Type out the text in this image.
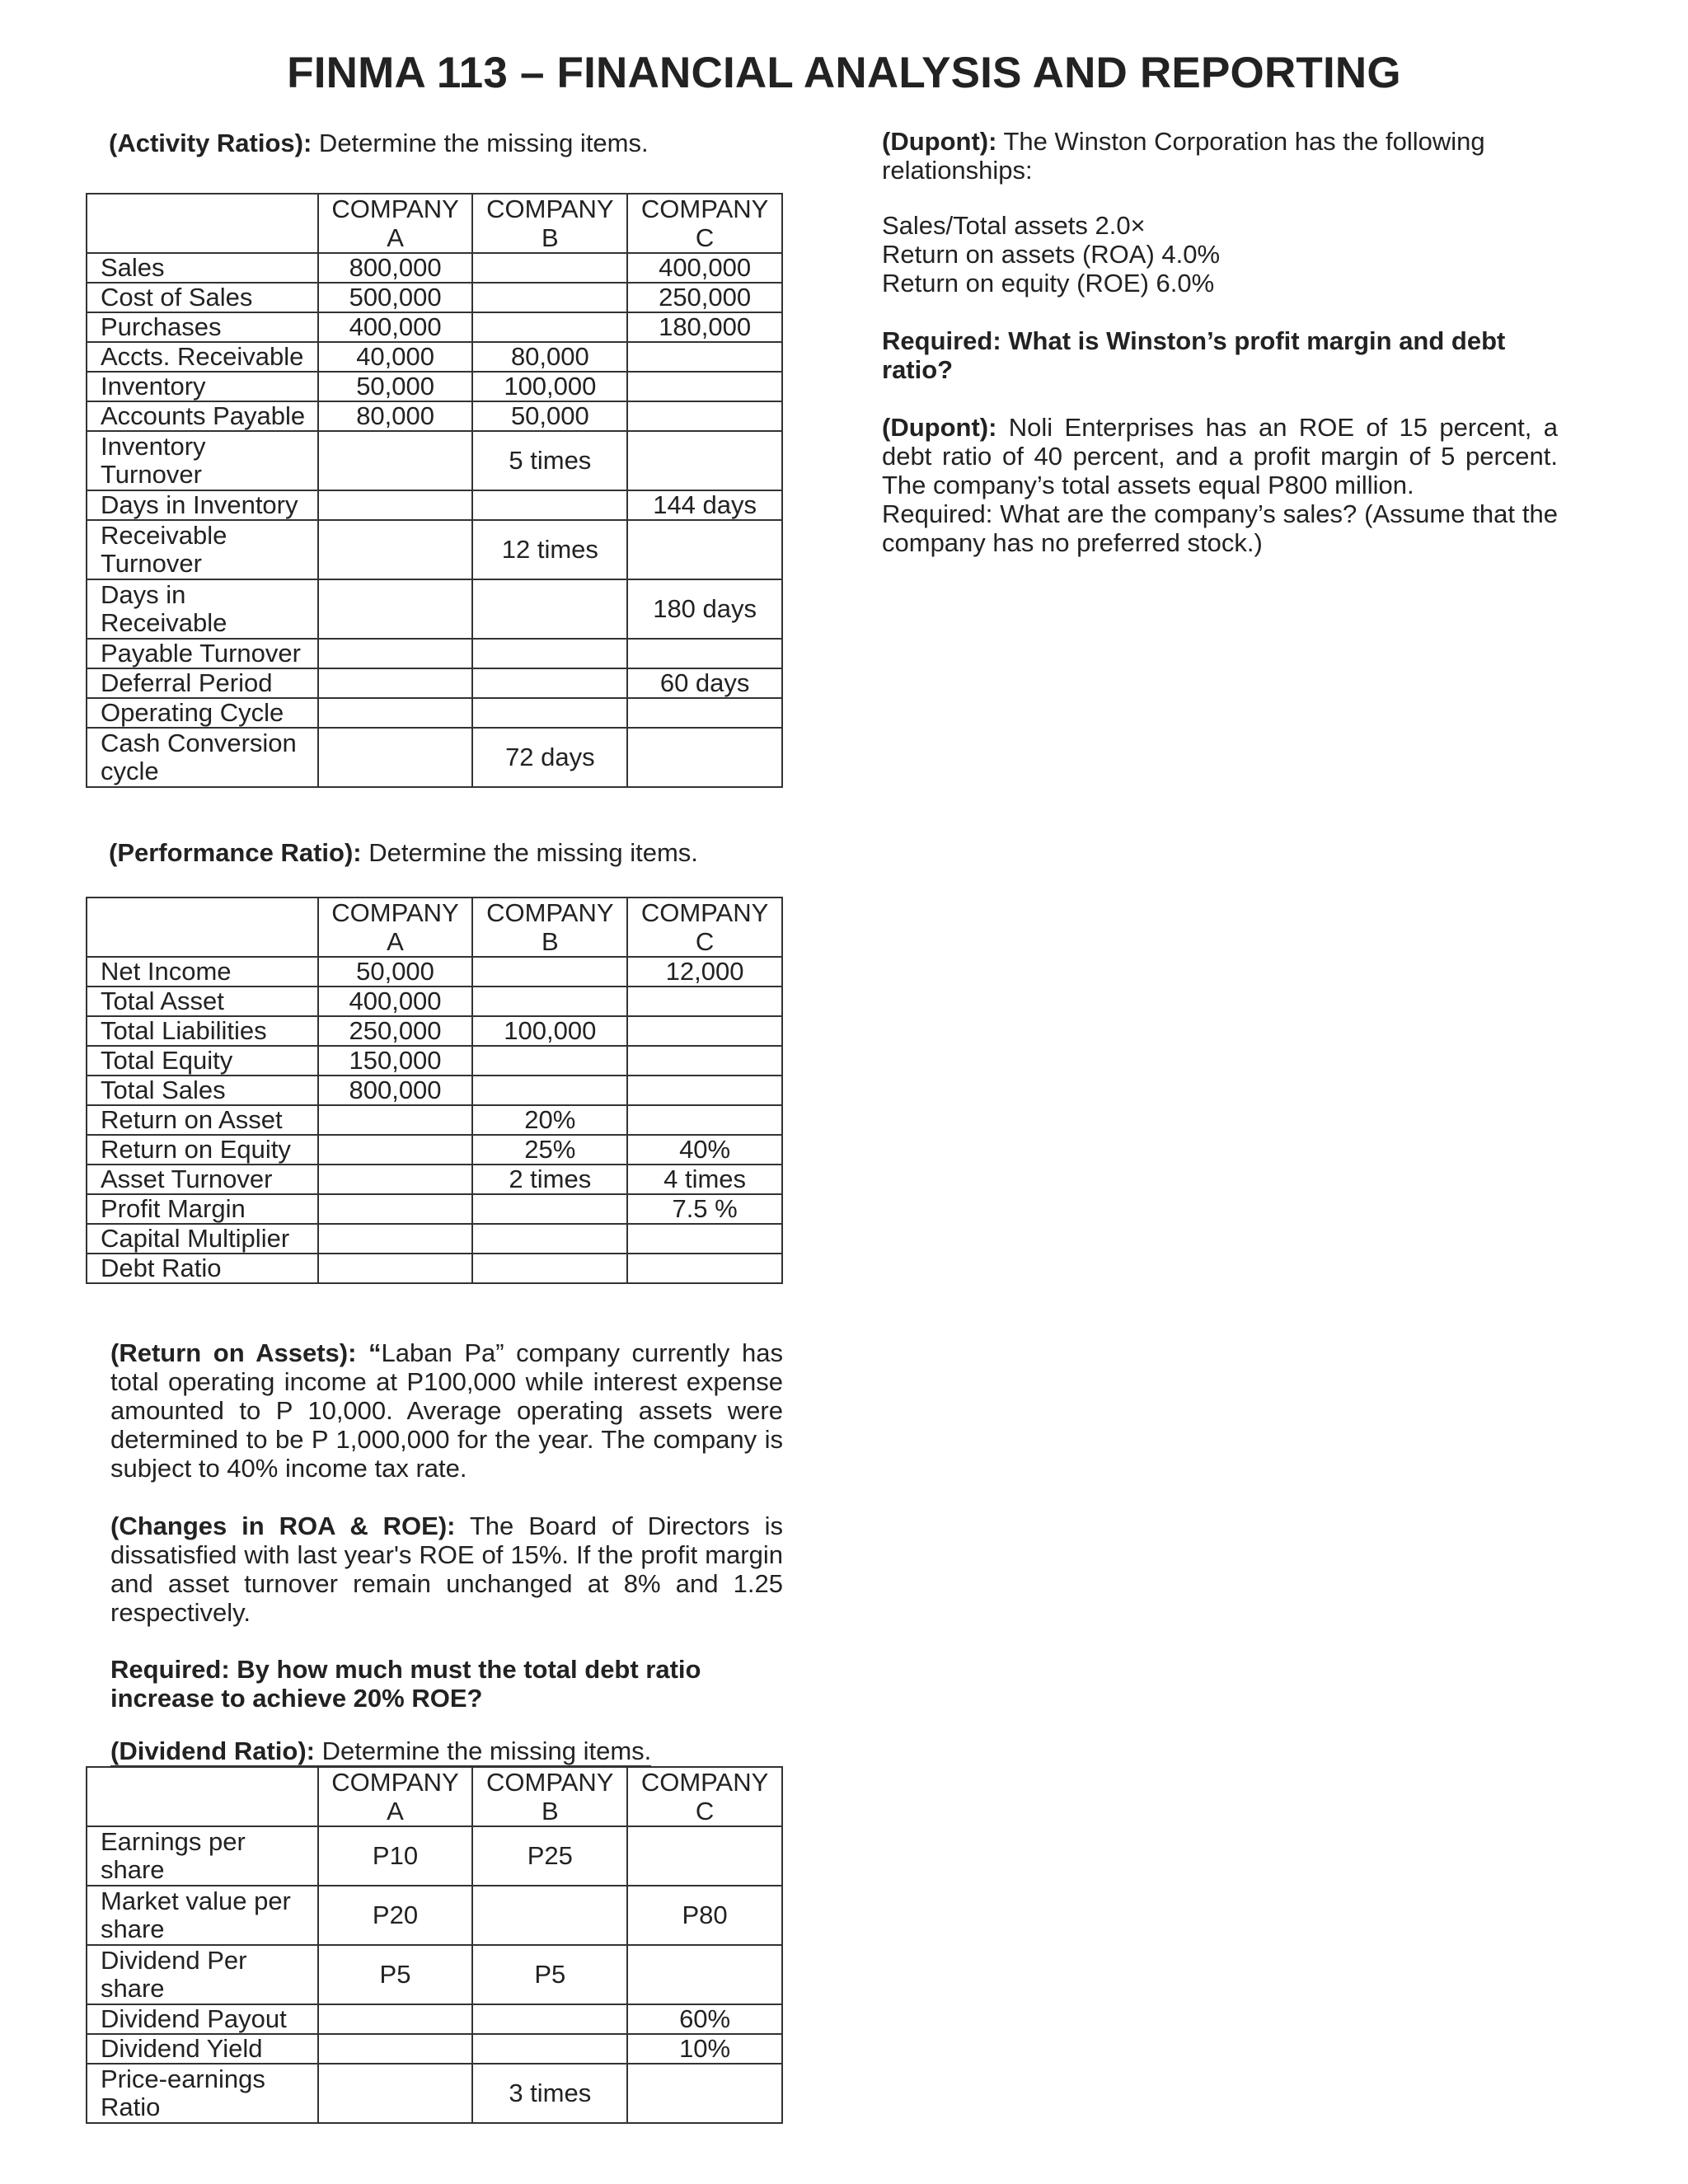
FINMA 113 – FINANCIAL ANALYSIS AND REPORTING
(Activity Ratios): Determine the missing items.
	COMPANY A	COMPANY B	COMPANY C
Sales	800,000		400,000
Cost of Sales	500,000		250,000
Purchases	400,000		180,000
Accts. Receivable	40,000	80,000	
Inventory	50,000	100,000	
Accounts Payable	80,000	50,000	
Inventory Turnover		5 times	
Days in Inventory			144 days
Receivable Turnover		12 times	
Days in Receivable			180 days
Payable Turnover			
Deferral Period			60 days
Operating Cycle			
Cash Conversion cycle		72 days	
(Performance Ratio): Determine the missing items.
	COMPANY A	COMPANY B	COMPANY C
Net Income	50,000		12,000
Total Asset	400,000		
Total Liabilities	250,000	100,000	
Total Equity	150,000		
Total Sales	800,000		
Return on Asset		20%	
Return on Equity		25%	40%
Asset Turnover		2 times	4 times
Profit Margin			7.5 %
Capital Multiplier			
Debt Ratio			
(Return on Assets): “Laban Pa” company currently has total operating income at P100,000 while interest expense amounted to P 10,000. Average operating assets were determined to be P 1,000,000 for the year. The company is subject to 40% income tax rate.
(Changes in ROA & ROE): The Board of Directors is dissatisfied with last year's ROE of 15%. If the profit margin and asset turnover remain unchanged at 8% and 1.25 respectively.
Required: By how much must the total debt ratio increase to achieve 20% ROE?
(Dividend Ratio): Determine the missing items.
	COMPANY A	COMPANY B	COMPANY C
Earnings per share	P10	P25	
Market value per share	P20		P80
Dividend Per share	P5	P5	
Dividend Payout			60%
Dividend Yield			10%
Price-earnings Ratio		3 times	
(Dupont): The Winston Corporation has the following relationships:
Sales/Total assets 2.0×
Return on assets (ROA) 4.0%
Return on equity (ROE) 6.0%
Required: What is Winston’s profit margin and debt ratio?
(Dupont): Noli Enterprises has an ROE of 15 percent, a debt ratio of 40 percent, and a profit margin of 5 percent. The company’s total assets equal P800 million.
Required: What are the company’s sales? (Assume that the company has no preferred stock.)
